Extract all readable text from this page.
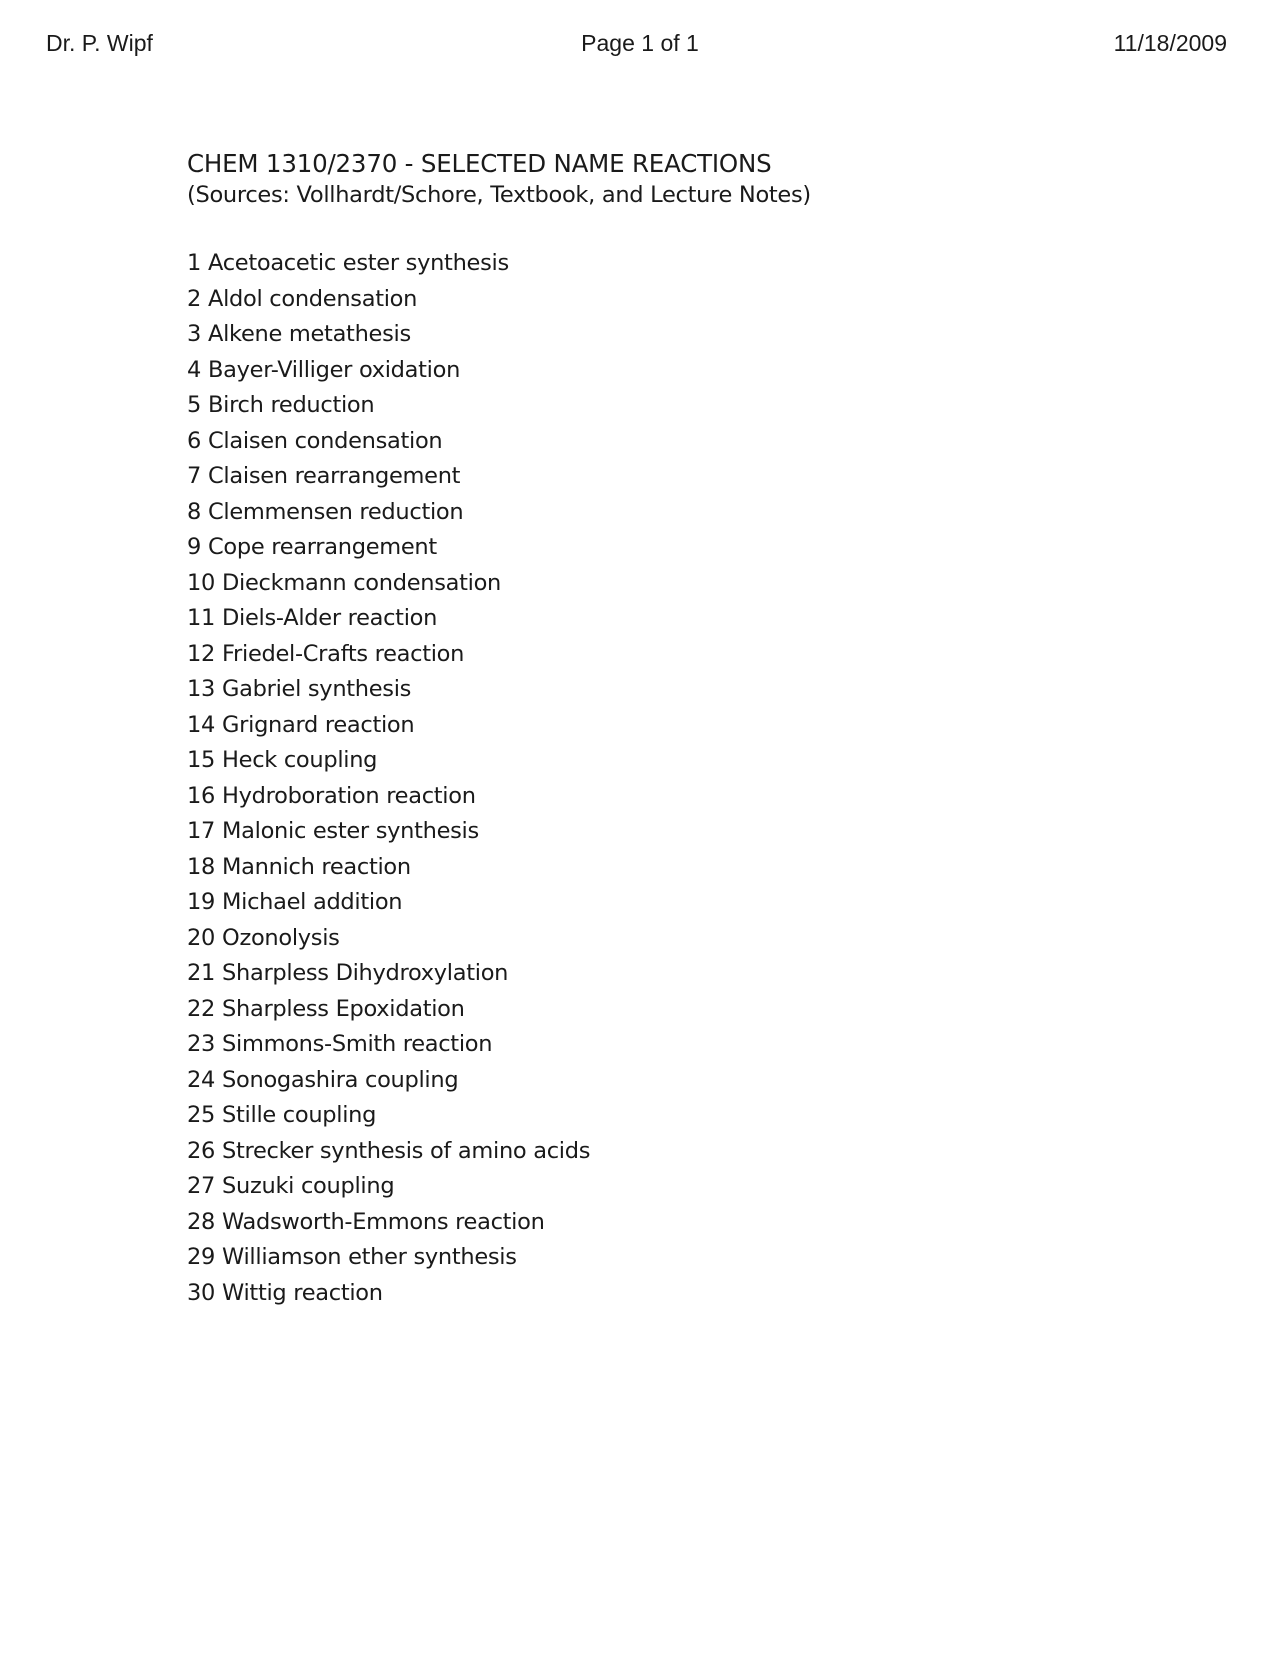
Dr. P. Wipf	Page 1 of 1	11/18/2009
CHEM 1310/2370 - SELECTED NAME REACTIONS

(Sources: Vollhardt/Schore, Textbook, and Lecture Notes)

1 Acetoacetic ester synthesis
2 Aldol condensation
3 Alkene metathesis
4 Bayer-Villiger oxidation
5 Birch reduction
6 Claisen condensation
7 Claisen rearrangement
8 Clemmensen reduction
9 Cope rearrangement
10 Dieckmann condensation
11 Diels-Alder reaction
12 Friedel-Crafts reaction
13 Gabriel synthesis
14 Grignard reaction
15 Heck coupling
16 Hydroboration reaction
17 Malonic ester synthesis
18 Mannich reaction
19 Michael addition
20 Ozonolysis
21 Sharpless Dihydroxylation
22 Sharpless Epoxidation
23 Simmons-Smith reaction
24 Sonogashira coupling
25 Stille coupling
26 Strecker synthesis of amino acids
27 Suzuki coupling
28 Wadsworth-Emmons reaction
29 Williamson ether synthesis
30 Wittig reaction
